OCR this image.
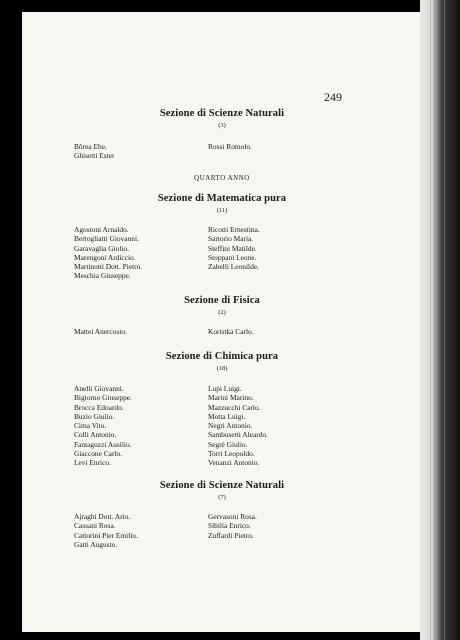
249
Sezione di Scienze Naturali
(3)
Bôrea Ebe.
Ghisetti Ester
Rossi Romolo.
QUARTO ANNO
Sezione di Matematica pura
(11)
Agostoni Arnaldo.
Bertogliatti Giovanni.
Garavaglia Giulio.
Marengoni Ardiccio.
Martinotti Dott. Pietro.
Meschia Giuseppe.
Ricotti Ernestina.
Sartorio Maria.
Steffini Matilde.
Stoppani Leone.
Zabelli Leonilde.
Sezione di Fisica
(2)
Mattei Anercosto.	Koristka Carlo.
Sezione di Chimica pura
(18)
Anelli Giovanni.
Bigiorno Giuseppe.
Brocca Edoardo.
Buzio Giulio.
Cima Vito.
Colli Antonio.
Fantaguzzi Ausilio.
Giaccone Carlo.
Levi Enrico.
Lupi Luigi.
Marini Marino.
Mazzucchi Carlo.
Motta Luigi.
Negri Antonio.
Sambusetti Aleardo.
Segrè Giulio.
Torri Leopoldo.
Venanzi Antonio.
Sezione di Scienze Naturali
(7)
Ajraghi Dott. Ario.
Cassani Rosa.
Cattorini Pier Emilio.
Gatti Augusto.
Gervasoni Rosa.
Sibilia Enrico.
Zuffardi Pietro.
